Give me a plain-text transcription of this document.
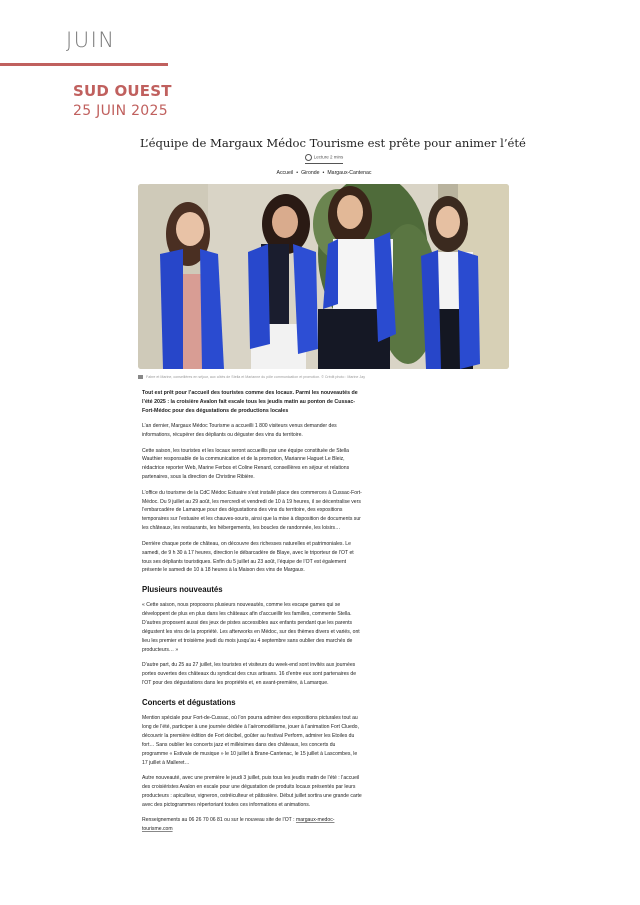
JUIN
SUD OUEST
25 JUIN 2025
L’équipe de Margaux Médoc Tourisme est prête pour animer l’été
Lecture 2 mins
Accueil • Gironde • Margaux-Cantenac
Fabre et Marine, conseillères en séjour, aux côtés de Stella et Marianne du pôle communication et promotion. © Crédit photo : Marine Jay

Tout est prêt pour l’accueil des touristes comme des locaux. Parmi les nouveautés de l’été 2025 : la croisière Avalon fait escale tous les jeudis matin au ponton de Cussac-Fort-Médoc pour des dégustations de productions locales

L’an dernier, Margaux Médoc Tourisme a accueilli 1 800 visiteurs venus demander des informations, récupérer des dépliants ou déguster des vins du territoire.

Cette saison, les touristes et les locaux seront accueillis par une équipe constituée de Stella Wauthier responsable de la communication et de la promotion, Marianne Haguet Le Bleiz, rédactrice reporter Web, Marine Ferbos et Coline Renard, conseillères en séjour et relations partenaires, sous la direction de Christine Ribière.

L’office du tourisme de la CdC Médoc Estuaire s’est installé place des commerces à Cussac-Fort-Médoc. Du 9 juillet au 29 août, les mercredi et vendredi de 10 à 19 heures, il se décentralise vers l’embarcadère de Lamarque pour des dégustations des vins du territoire, des expositions temporaires sur l’estuaire et les chauves-souris, ainsi que la mise à disposition de documents sur les châteaux, les restaurants, les hébergements, les boucles de randonnée, les loisirs…

Derrière chaque porte de château, on découvre des richesses naturelles et patrimoniales. Le samedi, de 9 h 30 à 17 heures, direction le débarcadère de Blaye, avec le triporteur de l’OT et tous ses dépliants touristiques. Enfin du 5 juillet au 23 août, l’équipe de l’OT est également présente le samedi de 10 à 18 heures à la Maison des vins de Margaux.

Plusieurs nouveautés

« Cette saison, nous proposons plusieurs nouveautés, comme les escape games qui se développent de plus en plus dans les châteaux afin d’accueillir les familles, commente Stella. D’autres proposent aussi des jeux de pistes accessibles aux enfants pendant que les parents dégustent les vins de la propriété. Les afterworks en Médoc, sur des thèmes divers et variés, ont lieu les premier et troisième jeudi du mois jusqu’au 4 septembre sans oublier des marchés de producteurs… »

D’autre part, du 25 au 27 juillet, les touristes et visiteurs du week-end sont invités aux journées portes ouvertes des châteaux du syndicat des crus artisans. 16 d’entre eux sont partenaires de l’OT pour des dégustations dans les propriétés et, en avant-première, à Lamarque.

Concerts et dégustations

Mention spéciale pour Fort-de-Cussac, où l’on pourra admirer des expositions picturales tout au long de l’été, participer à une journée dédiée à l’aéromodélisme, jouer à l’animation Fort Cluedo, découvrir la première édition de Fort décibel, goûter au festival Perform, admirer les Etoiles du fort… Sans oublier les concerts jazz et millésimes dans des châteaux, les concerts du programme « Estivale de musique » le 10 juillet à Brane-Cantenac, le 15 juillet à Lascombes, le 17 juillet à Malleret…

Autre nouveauté, avec une première le jeudi 3 juillet, puis tous les jeudis matin de l’été : l’accueil des croisiéristes Avalon en escale pour une dégustation de produits locaux présentés par leurs producteurs : apiculteur, vigneron, ostréiculteur et pâtissière. Début juillet sortira une grande carte avec des pictogrammes répertoriant toutes ces informations et animations.

Renseignements au 06 26 70 06 81 ou sur le nouveau site de l’OT : margaux-medoc-tourisme.com
